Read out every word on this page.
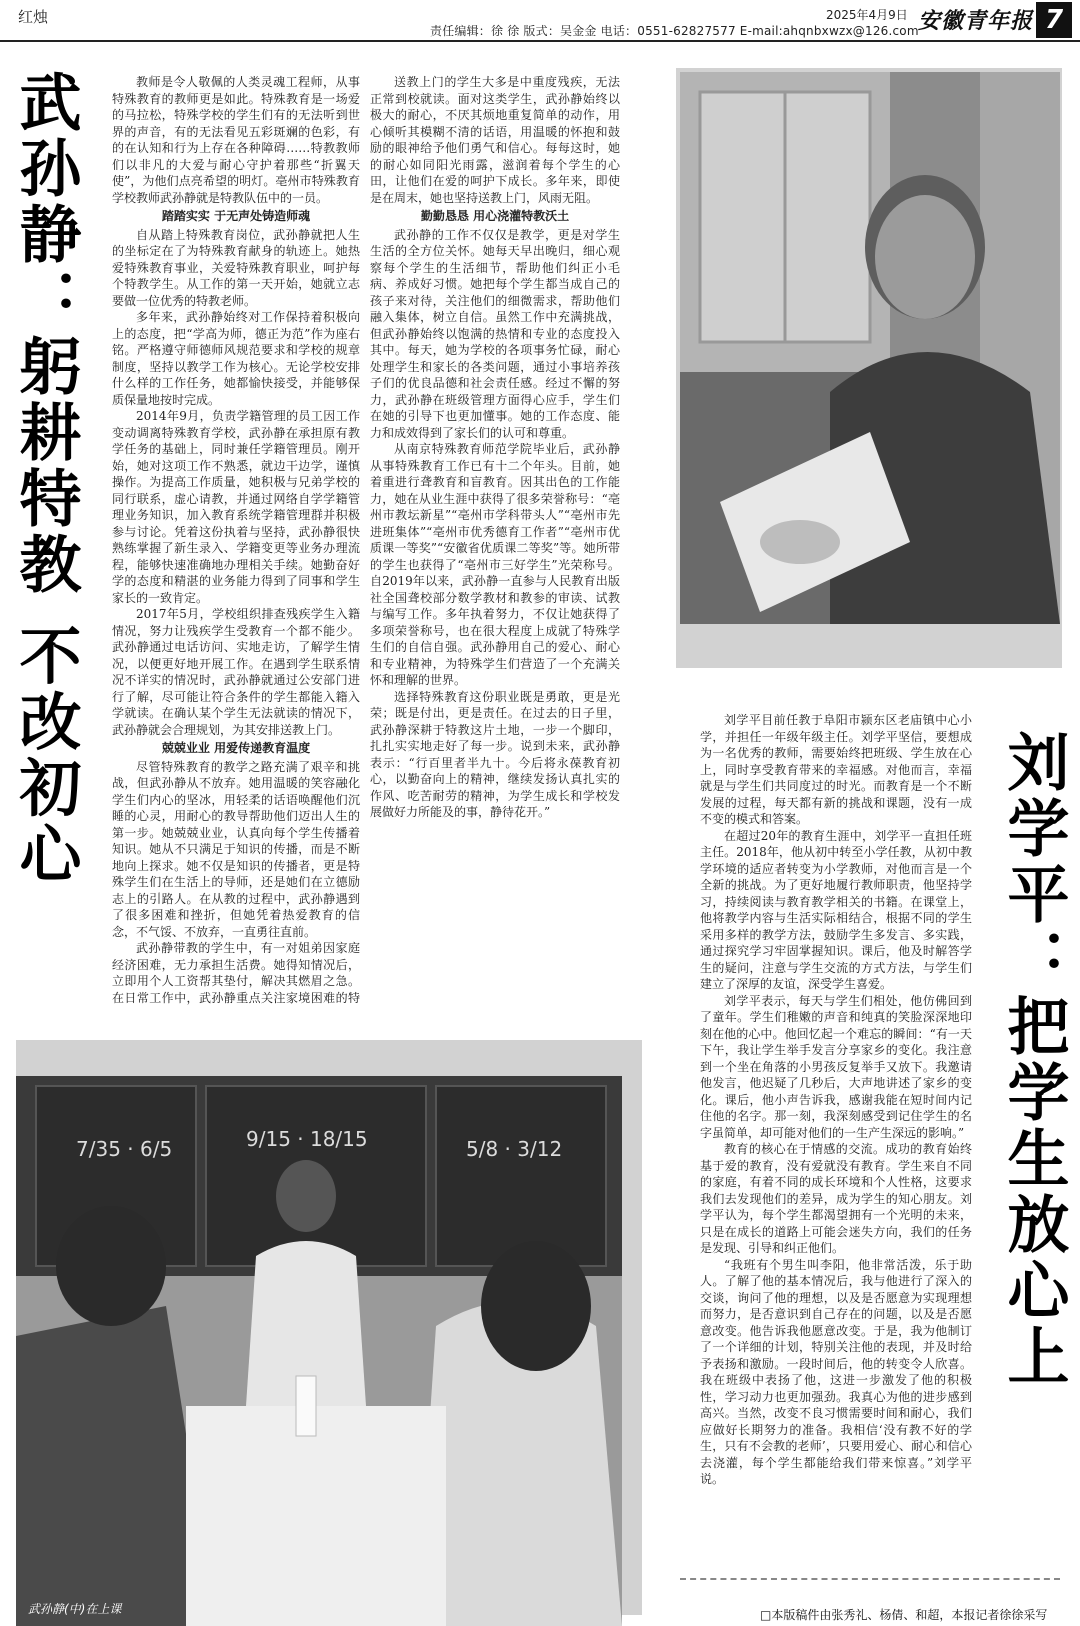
红烛	2025年4月9日
责任编辑：徐 徐 版式：吴金金 电话：0551-62827577 E-mail:ahqnbxwzx@126.com 安徽青年报 7
武孙静：躬耕特教 不改初心	教师是令人敬佩的人类灵魂工程师，从事特殊教育的教师更是如此。特殊教育是一场爱的马拉松，特殊学校的学生们有的无法听到世界的声音，有的无法看见五彩斑斓的色彩，有的在认知和行为上存在各种障碍……特教教师们以非凡的大爱与耐心守护着那些“折翼天使”，为他们点亮希望的明灯。亳州市特殊教育学校教师武孙静就是特教队伍中的一员。

踏踏实实 于无声处铸造师魂

自从踏上特殊教育岗位，武孙静就把人生的坐标定在了为特殊教育献身的轨迹上。她热爱特殊教育事业，关爱特殊教育职业，呵护每个特教学生。从工作的第一天开始，她就立志要做一位优秀的特教老师。

多年来，武孙静始终对工作保持着积极向上的态度，把“学高为师，德正为范”作为座右铭。严格遵守师德师风规范要求和学校的规章制度，坚持以教学工作为核心。无论学校安排什么样的工作任务，她都愉快接受，并能够保质保量地按时完成。

2014年9月，负责学籍管理的员工因工作变动调离特殊教育学校，武孙静在承担原有教学任务的基础上，同时兼任学籍管理员。刚开始，她对这项工作不熟悉，就边干边学，谨慎操作。为提高工作质量，她积极与兄弟学校的同行联系，虚心请教，并通过网络自学学籍管理业务知识，加入教育系统学籍管理群并积极参与讨论。凭着这份执着与坚持，武孙静很快熟练掌握了新生录入、学籍变更等业务办理流程，能够快速准确地办理相关手续。她勤奋好学的态度和精湛的业务能力得到了同事和学生家长的一致肯定。

2017年5月，学校组织排查残疾学生入籍情况，努力让残疾学生受教育一个都不能少。武孙静通过电话访问、实地走访，了解学生情况，以便更好地开展工作。在遇到学生联系情况不详实的情况时，武孙静就通过公安部门进行了解，尽可能让符合条件的学生都能入籍入学就读。在确认某个学生无法就读的情况下，武孙静就会合理规划，为其安排送教上门。

兢兢业业 用爱传递教育温度

尽管特殊教育的教学之路充满了艰辛和挑战，但武孙静从不放弃。她用温暖的笑容融化学生们内心的坚冰，用轻柔的话语唤醒他们沉睡的心灵，用耐心的教导帮助他们迈出人生的第一步。她兢兢业业，认真向每个学生传播着知识。她从不只满足于知识的传播，而是不断地向上探求。她不仅是知识的传播者，更是特殊学生们在生活上的导师，还是她们在立德励志上的引路人。在从教的过程中，武孙静遇到了很多困难和挫折，但她凭着热爱教育的信念，不气馁、不放弃，一直勇往直前。

武孙静带教的学生中，有一对姐弟因家庭经济困难，无力承担生活费。她得知情况后，立即用个人工资帮其垫付，解决其燃眉之急。在日常工作中，武孙静重点关注家境困难的特

送教上门的学生大多是中重度残疾，无法正常到校就读。面对这类学生，武孙静始终以极大的耐心，不厌其烦地重复简单的动作，用心倾听其模糊不清的话语，用温暖的怀抱和鼓励的眼神给予他们勇气和信心。每每这时，她的耐心如同阳光雨露，滋润着每个学生的心田，让他们在爱的呵护下成长。多年来，即使是在周末，她也坚持送教上门，风雨无阻。

勤勤恳恳 用心浇灌特教沃土

武孙静的工作不仅仅是教学，更是对学生生活的全方位关怀。她每天早出晚归，细心观察每个学生的生活细节，帮助他们纠正小毛病、养成好习惯。她把每个学生都当成自己的孩子来对待，关注他们的细微需求，帮助他们融入集体，树立自信。虽然工作中充满挑战，但武孙静始终以饱满的热情和专业的态度投入其中。每天，她为学校的各项事务忙碌，耐心处理学生和家长的各类问题，通过小事培养孩子们的优良品德和社会责任感。经过不懈的努力，武孙静在班级管理方面得心应手，学生们在她的引导下也更加懂事。她的工作态度、能力和成效得到了家长们的认可和尊重。

从南京特殊教育师范学院毕业后，武孙静从事特殊教育工作已有十二个年头。目前，她着重进行聋教育和盲教育。因其出色的工作能力，她在从业生涯中获得了很多荣誉称号：“亳州市教坛新星”“亳州市学科带头人”“亳州市先进班集体”“亳州市优秀德育工作者”“亳州市优质课一等奖”“安徽省优质课二等奖”等。她所带的学生也获得了“亳州市三好学生”光荣称号。自2019年以来，武孙静一直参与人民教育出版社全国聋校部分数学教材和教参的审读、试教与编写工作。多年执着努力，不仅让她获得了多项荣誉称号，也在很大程度上成就了特殊学生们的自信自强。武孙静用自己的爱心、耐心和专业精神，为特殊学生们营造了一个充满关怀和理解的世界。

选择特殊教育这份职业既是勇敢，更是光荣；既是付出，更是责任。在过去的日子里，武孙静深耕于特教这片土地，一步一个脚印，扎扎实实地走好了每一步。说到未来，武孙静表示：“行百里者半九十。今后将永葆教育初心，以勤奋向上的精神，继续发扬认真扎实的作风、吃苦耐劳的精神，为学生成长和学校发展做好力所能及的事，静待花开。”	刘学平：把学生放心上

刘学平目前任教于阜阳市颍东区老庙镇中心小学，并担任一年级年级主任。刘学平坚信，要想成为一名优秀的教师，需要始终把班级、学生放在心上，同时享受教育带来的幸福感。对他而言，幸福就是与学生们共同度过的时光。而教育是一个不断发展的过程，每天都有新的挑战和课题，没有一成不变的模式和答案。

在超过20年的教育生涯中，刘学平一直担任班主任。2018年，他从初中转至小学任教，从初中教学环境的适应者转变为小学教师，对他而言是一个全新的挑战。为了更好地履行教师职责，他坚持学习，持续阅读与教育教学相关的书籍。在课堂上，他将教学内容与生活实际相结合，根据不同的学生采用多样的教学方法，鼓励学生多发言、多实践，通过探究学习牢固掌握知识。课后，他及时解答学生的疑问，注意与学生交流的方式方法，与学生们建立了深厚的友谊，深受学生喜爱。

刘学平表示，每天与学生们相处，他仿佛回到了童年。学生们稚嫩的声音和纯真的笑脸深深地印刻在他的心中。他回忆起一个难忘的瞬间：“有一天下午，我让学生举手发言分享家乡的变化。我注意到一个坐在角落的小男孩反复举手又放下。我邀请他发言，他迟疑了几秒后，大声地讲述了家乡的变化。课后，他小声告诉我，感谢我能在短时间内记住他的名字。那一刻，我深刻感受到记住学生的名字虽简单，却可能对他们的一生产生深远的影响。”

教育的核心在于情感的交流。成功的教育始终基于爱的教育，没有爱就没有教育。学生来自不同的家庭，有着不同的成长环境和个人性格，这要求我们去发现他们的差异，成为学生的知心朋友。刘学平认为，每个学生都渴望拥有一个光明的未来，只是在成长的道路上可能会迷失方向，我们的任务是发现、引导和纠正他们。

“我班有个男生叫李阳，他非常活泼，乐于助人。了解了他的基本情况后，我与他进行了深入的交谈，询问了他的理想，以及是否愿意为实现理想而努力，是否意识到自己存在的问题，以及是否愿意改变。他告诉我他愿意改变。于是，我为他制订了一个详细的计划，特别关注他的表现，并及时给予表扬和激励。一段时间后，他的转变令人欣喜。我在班级中表扬了他，这进一步激发了他的积极性，学习动力也更加强劲。我真心为他的进步感到高兴。当然，改变不良习惯需要时间和耐心，我们应做好长期努力的准备。我相信‘没有教不好的学生，只有不会教的老师’，只要用爱心、耐心和信心去浇灌，每个学生都能给我们带来惊喜。”刘学平说。

7/35 · 6/5	9/15 · 18/15	5/8 · 3/12
武孙静(中)在上课	□本版稿件由张秀礼、杨倩、和超，本报记者徐徐采写
